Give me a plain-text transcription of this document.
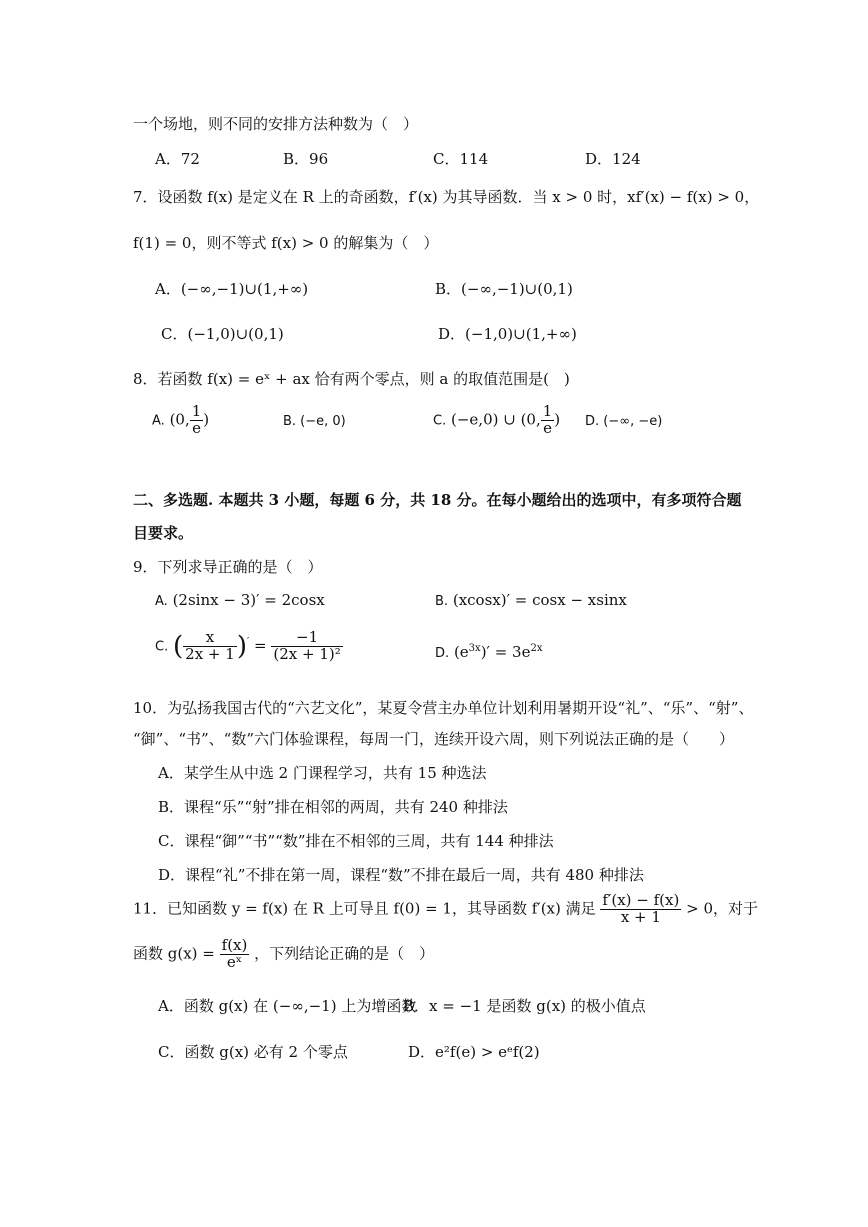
一个场地，则不同的安排方法种数为（　）
A．72	B．96	C．114	D．124
7．设函数 f(x) 是定义在 R 上的奇函数，f′(x) 为其导函数．当 x > 0 时，xf′(x) − f(x) > 0，
f(1) = 0，则不等式 f(x) > 0 的解集为（　）
A．(−∞,−1)∪(1,+∞)	B．(−∞,−1)∪(0,1)
C．(−1,0)∪(0,1)	D．(−1,0)∪(1,+∞)
8．若函数 f(x) = eˣ + ax 恰有两个零点，则 a 的取值范围是(　)
A. (0, $\frac{1}{e}$ )	B. (−e, 0)	C. (−e,0) ∪ (0, $\frac{1}{e}$ ) D. (−∞, −e)
二、多选题. 本题共 3 小题，每题 6 分，共 18 分。在每小题给出的选项中，有多项符合题
目要求。
9．下列求导正确的是（　）
A. (2sinx − 3)′ = 2cosx	B. (xcosx)′ = cosx − xsinx
C. ( $\frac{x}{2x + 1} )' = \frac{-1}{\text{(2x + 1)²}}$	D. $(e^{3x})' = 3e^{2x}$
10．为弘扬我国古代的“六艺文化”，某夏令营主办单位计划利用暑期开设“礼”、“乐”、“射”、
“御”、“书”、“数”六门体验课程，每周一门，连续开设六周，则下列说法正确的是（　　）
A．某学生从中选 2 门课程学习，共有 15 种选法
B．课程“乐”“射”排在相邻的两周，共有 240 种排法
C．课程“御”“书”“数”排在不相邻的三周，共有 144 种排法
D．课程“礼”不排在第一周，课程“数”不排在最后一周，共有 480 种排法
11．已知函数 y = f(x) 在 R 上可导且 f(0) = 1，其导函数 f′(x) 满足 $\frac{f'(x) - f(x)}{x + 1} > 0$，对于
函数 $g(x) = \frac{f(x)}{\text{eˣ}}$ ，下列结论正确的是（　）
A．函数 g(x) 在 (−∞,−1) 上为增函数
B．x = −1 是函数 g(x) 的极小值点
C．函数 g(x) 必有 2 个零点	D．e²f(e) > eᵉf(2)
